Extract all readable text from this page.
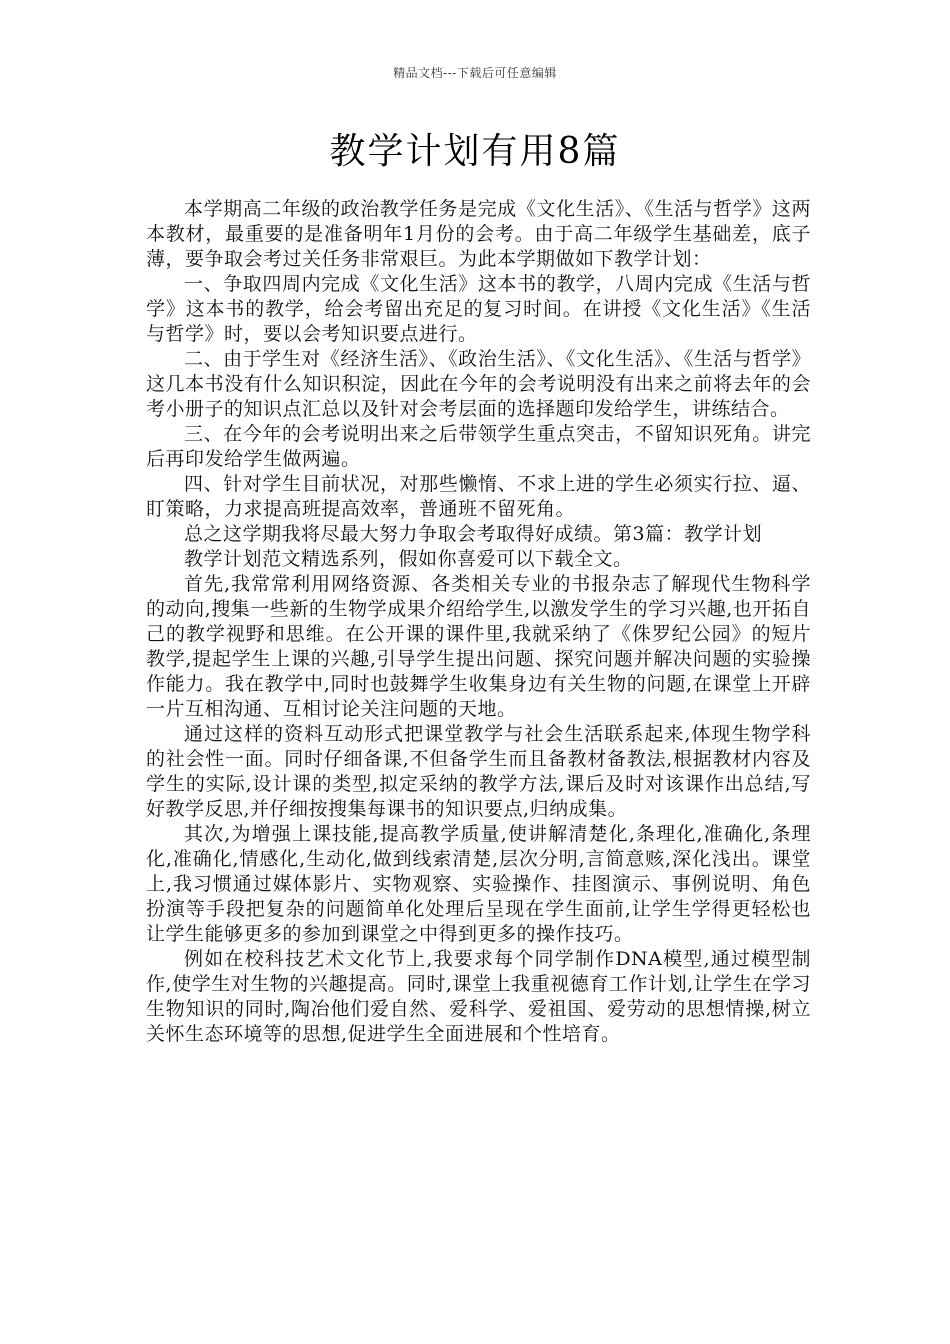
精品文档---下载后可任意编辑
教学计划有用8篇

本学期高二年级的政治教学任务是完成《文化生活》、《生活与哲学》这两本教材，最重要的是准备明年1月份的会考。由于高二年级学生基础差，底子薄，要争取会考过关任务非常艰巨。为此本学期做如下教学计划：

一、争取四周内完成《文化生活》这本书的教学，八周内完成《生活与哲学》这本书的教学，给会考留出充足的复习时间。在讲授《文化生活》《生活与哲学》时，要以会考知识要点进行。

二、由于学生对《经济生活》、《政治生活》、《文化生活》、《生活与哲学》这几本书没有什么知识积淀，因此在今年的会考说明没有出来之前将去年的会考小册子的知识点汇总以及针对会考层面的选择题印发给学生，讲练结合。

三、在今年的会考说明出来之后带领学生重点突击，不留知识死角。讲完后再印发给学生做两遍。

四、针对学生目前状况，对那些懒惰、不求上进的学生必须实行拉、逼、盯策略，力求提高班提高效率，普通班不留死角。

总之这学期我将尽最大努力争取会考取得好成绩。第3篇：教学计划

教学计划范文精选系列，假如你喜爱可以下载全文。

首先,我常常利用网络资源、各类相关专业的书报杂志了解现代生物科学的动向,搜集一些新的生物学成果介绍给学生,以激发学生的学习兴趣,也开拓自己的教学视野和思维。在公开课的课件里,我就采纳了《侏罗纪公园》的短片教学,提起学生上课的兴趣,引导学生提出问题、探究问题并解决问题的实验操作能力。我在教学中,同时也鼓舞学生收集身边有关生物的问题,在课堂上开辟一片互相沟通、互相讨论关注问题的天地。

通过这样的资料互动形式把课堂教学与社会生活联系起来,体现生物学科的社会性一面。同时仔细备课,不但备学生而且备教材备教法,根据教材内容及学生的实际,设计课的类型,拟定采纳的教学方法,课后及时对该课作出总结,写好教学反思,并仔细按搜集每课书的知识要点,归纳成集。

其次,为增强上课技能,提高教学质量,使讲解清楚化,条理化,准确化,条理化,准确化,情感化,生动化,做到线索清楚,层次分明,言简意赅,深化浅出。课堂上,我习惯通过媒体影片、实物观察、实验操作、挂图演示、事例说明、角色扮演等手段把复杂的问题简单化处理后呈现在学生面前,让学生学得更轻松也让学生能够更多的参加到课堂之中得到更多的操作技巧。

例如在校科技艺术文化节上,我要求每个同学制作DNA模型,通过模型制作,使学生对生物的兴趣提高。同时,课堂上我重视德育工作计划,让学生在学习生物知识的同时,陶冶他们爱自然、爱科学、爱祖国、爱劳动的思想情操,树立关怀生态环境等的思想,促进学生全面进展和个性培育。
